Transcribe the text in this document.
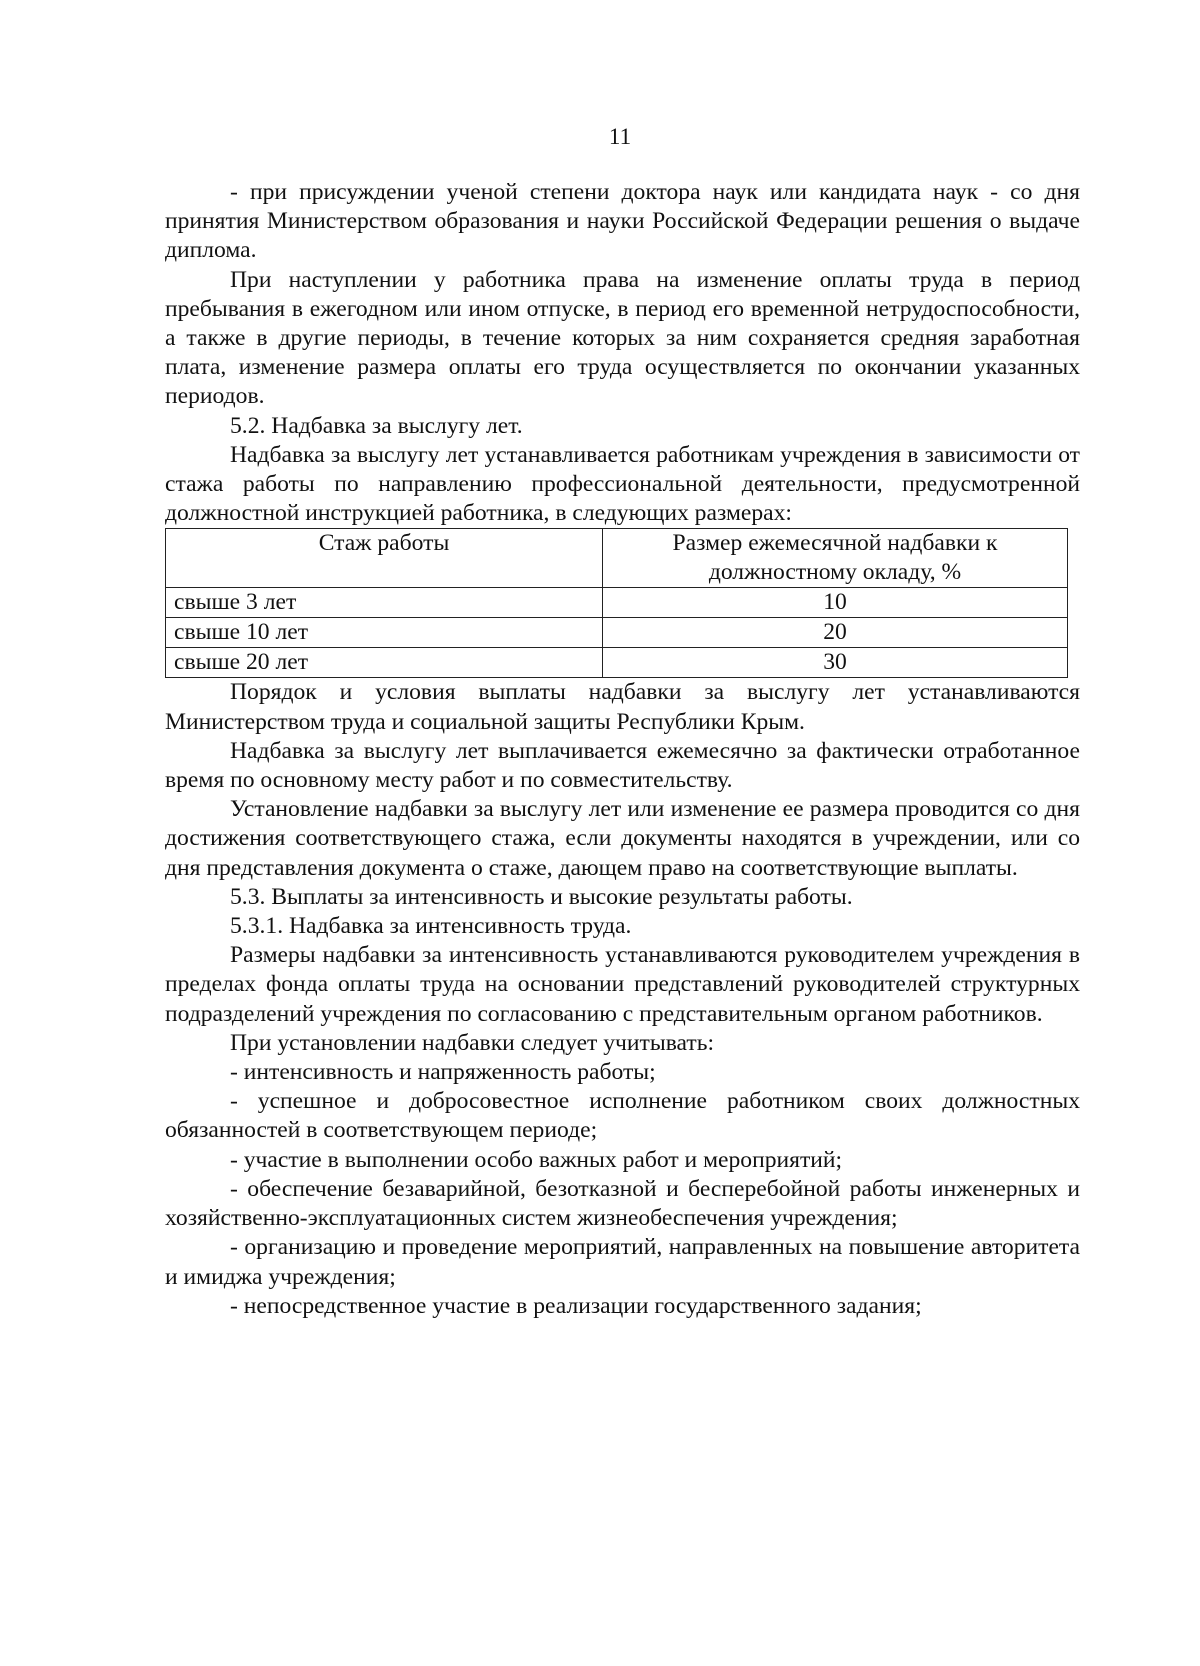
11

- при присуждении ученой степени доктора наук или кандидата наук - со дня принятия Министерством образования и науки Российской Федерации решения о выдаче диплома.

При наступлении у работника права на изменение оплаты труда в период пребывания в ежегодном или ином отпуске, в период его временной нетрудоспособности, а также в другие периоды, в течение которых за ним сохраняется средняя заработная плата, изменение размера оплаты его труда осуществляется по окончании указанных периодов.

5.2. Надбавка за выслугу лет.

Надбавка за выслугу лет устанавливается работникам учреждения в зависимости от стажа работы по направлению профессиональной деятельности, предусмотренной должностной инструкцией работника, в следующих размерах:

Стаж работы	Размер ежемесячной надбавки к должностному окладу, %
свыше 3 лет	10
свыше 10 лет	20
свыше 20 лет	30

Порядок и условия выплаты надбавки за выслугу лет устанавливаются Министерством труда и социальной защиты Республики Крым.

Надбавка за выслугу лет выплачивается ежемесячно за фактически отработанное время по основному месту работ и по совместительству.

Установление надбавки за выслугу лет или изменение ее размера проводится со дня достижения соответствующего стажа, если документы находятся в учреждении, или со дня представления документа о стаже, дающем право на соответствующие выплаты.

5.3. Выплаты за интенсивность и высокие результаты работы.

5.3.1. Надбавка за интенсивность труда.

Размеры надбавки за интенсивность устанавливаются руководителем учреждения в пределах фонда оплаты труда на основании представлений руководителей структурных подразделений учреждения по согласованию с представительным органом работников.

При установлении надбавки следует учитывать:

- интенсивность и напряженность работы;

- успешное и добросовестное исполнение работником своих должностных обязанностей в соответствующем периоде;

- участие в выполнении особо важных работ и мероприятий;

- обеспечение безаварийной, безотказной и бесперебойной работы инженерных и хозяйственно-эксплуатационных систем жизнеобеспечения учреждения;

- организацию и проведение мероприятий, направленных на повышение авторитета и имиджа учреждения;

- непосредственное участие в реализации государственного задания;
